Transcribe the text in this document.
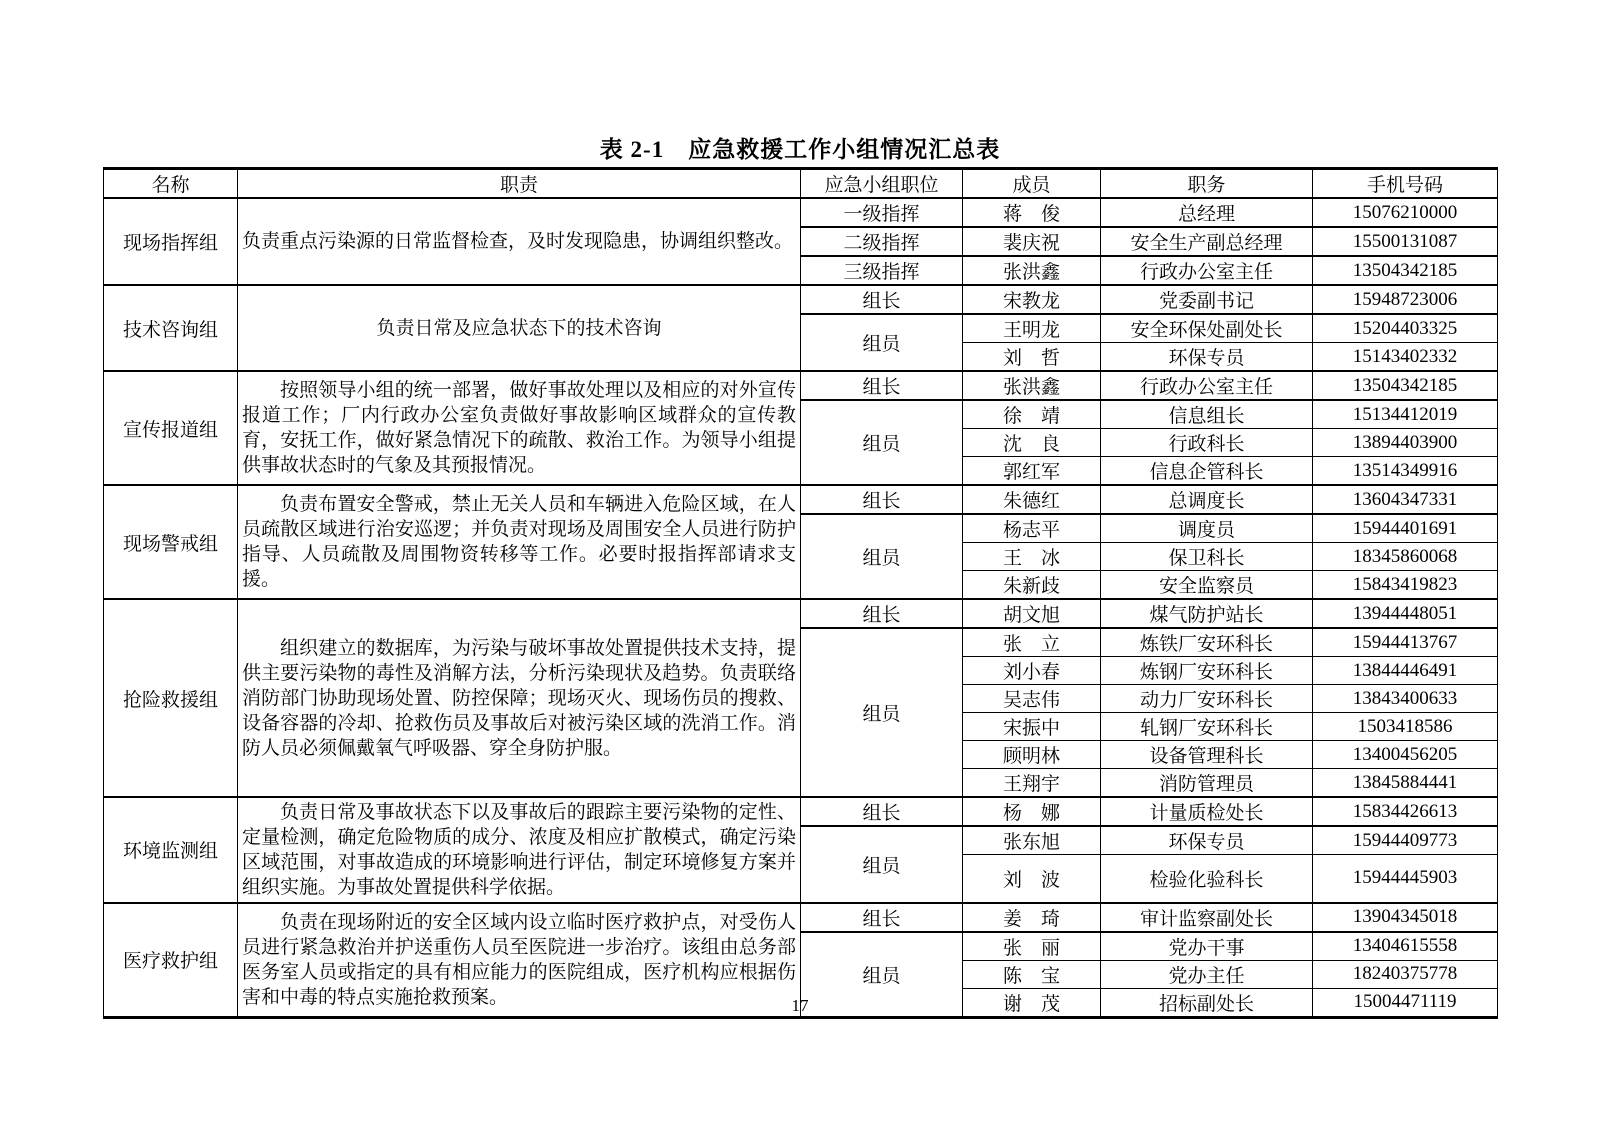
表 2-1　应急救援工作小组情况汇总表
名称	职责	应急小组职位	成员	职务	手机号码
现场指挥组	负责重点污染源的日常监督检查，及时发现隐患，协调组织整改。	一级指挥	蒋　俊	总经理	15076210000
		二级指挥	裴庆祝	安全生产副总经理	15500131087
		三级指挥	张洪鑫	行政办公室主任	13504342185
技术咨询组	负责日常及应急状态下的技术咨询	组长	宋教龙	党委副书记	15948723006
		组员	王明龙	安全环保处副处长	15204403325
			刘　哲	环保专员	15143402332
宣传报道组	按照领导小组的统一部署，做好事故处理以及相应的对外宣传报道工作；厂内行政办公室负责做好事故影响区域群众的宣传教育，安抚工作，做好紧急情况下的疏散、救治工作。为领导小组提供事故状态时的气象及其预报情况。	组长	张洪鑫	行政办公室主任	13504342185
		组员	徐　靖	信息组长	15134412019
			沈　良	行政科长	13894403900
			郭红军	信息企管科长	13514349916
现场警戒组	负责布置安全警戒，禁止无关人员和车辆进入危险区域，在人员疏散区域进行治安巡逻；并负责对现场及周围安全人员进行防护指导、人员疏散及周围物资转移等工作。必要时报指挥部请求支援。	组长	朱德红	总调度长	13604347331
		组员	杨志平	调度员	15944401691
			王　冰	保卫科长	18345860068
			朱新歧	安全监察员	15843419823
抢险救援组	组织建立的数据库，为污染与破坏事故处置提供技术支持，提供主要污染物的毒性及消解方法，分析污染现状及趋势。负责联络消防部门协助现场处置、防控保障；现场灭火、现场伤员的搜救、设备容器的冷却、抢救伤员及事故后对被污染区域的洗消工作。消防人员必须佩戴氧气呼吸器、穿全身防护服。	组长	胡文旭	煤气防护站长	13944448051
		组员	张　立	炼铁厂安环科长	15944413767
			刘小春	炼钢厂安环科长	13844446491
			吴志伟	动力厂安环科长	13843400633
			宋振中	轧钢厂安环科长	1503418586
			顾明林	设备管理科长	13400456205
			王翔宇	消防管理员	13845884441
环境监测组	负责日常及事故状态下以及事故后的跟踪主要污染物的定性、定量检测，确定危险物质的成分、浓度及相应扩散模式，确定污染区域范围，对事故造成的环境影响进行评估，制定环境修复方案并组织实施。为事故处置提供科学依据。	组长	杨　娜	计量质检处长	15834426613
		组员	张东旭	环保专员	15944409773
			刘　波	检验化验科长	15944445903
医疗救护组	负责在现场附近的安全区域内设立临时医疗救护点，对受伤人员进行紧急救治并护送重伤人员至医院进一步治疗。该组由总务部医务室人员或指定的具有相应能力的医院组成，医疗机构应根据伤害和中毒的特点实施抢救预案。	组长	姜　琦	审计监察副处长	13904345018
		组员	张　丽	党办干事	13404615558
			陈　宝	党办主任	18240375778
			谢　茂	招标副处长	15004471119
17
